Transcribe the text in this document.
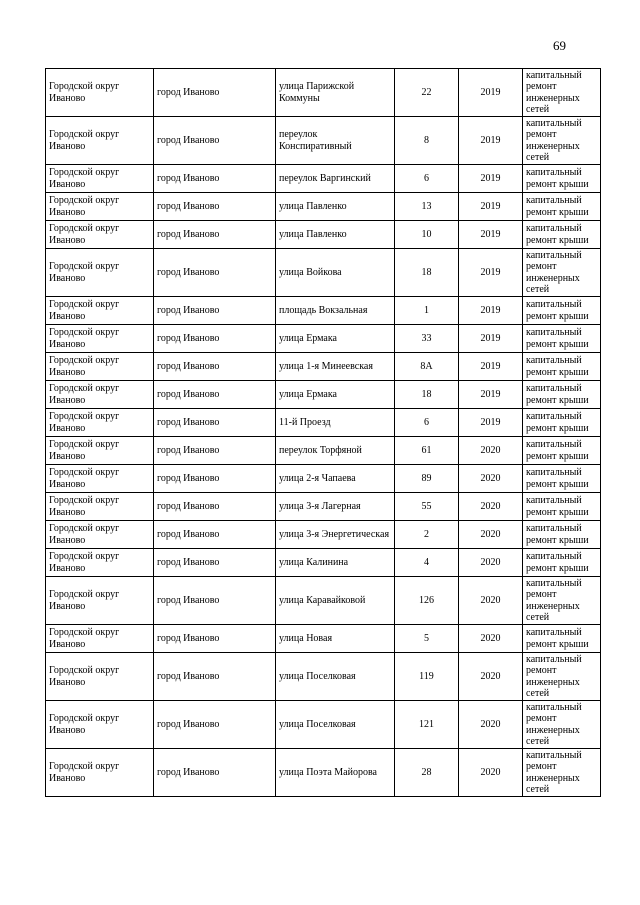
69
Городской округ Иваново	город Иваново	улица Парижской Коммуны	22	2019	капитальный ремонт инженерных сетей
Городской округ Иваново	город Иваново	переулок Конспиративный	8	2019	капитальный ремонт инженерных сетей
Городской округ Иваново	город Иваново	переулок Варгинский	6	2019	капитальный ремонт крыши
Городской округ Иваново	город Иваново	улица Павленко	13	2019	капитальный ремонт крыши
Городской округ Иваново	город Иваново	улица Павленко	10	2019	капитальный ремонт крыши
Городской округ Иваново	город Иваново	улица Войкова	18	2019	капитальный ремонт инженерных сетей
Городской округ Иваново	город Иваново	площадь Вокзальная	1	2019	капитальный ремонт крыши
Городской округ Иваново	город Иваново	улица Ермака	33	2019	капитальный ремонт крыши
Городской округ Иваново	город Иваново	улица 1-я Минеевская	8А	2019	капитальный ремонт крыши
Городской округ Иваново	город Иваново	улица Ермака	18	2019	капитальный ремонт крыши
Городской округ Иваново	город Иваново	11-й Проезд	6	2019	капитальный ремонт крыши
Городской округ Иваново	город Иваново	переулок Торфяной	61	2020	капитальный ремонт крыши
Городской округ Иваново	город Иваново	улица 2-я Чапаева	89	2020	капитальный ремонт крыши
Городской округ Иваново	город Иваново	улица 3-я Лагерная	55	2020	капитальный ремонт крыши
Городской округ Иваново	город Иваново	улица 3-я Энергетическая	2	2020	капитальный ремонт крыши
Городской округ Иваново	город Иваново	улица Калинина	4	2020	капитальный ремонт крыши
Городской округ Иваново	город Иваново	улица Каравайковой	126	2020	капитальный ремонт инженерных сетей
Городской округ Иваново	город Иваново	улица Новая	5	2020	капитальный ремонт крыши
Городской округ Иваново	город Иваново	улица Поселковая	119	2020	капитальный ремонт инженерных сетей
Городской округ Иваново	город Иваново	улица Поселковая	121	2020	капитальный ремонт инженерных сетей
Городской округ Иваново	город Иваново	улица Поэта Майорова	28	2020	капитальный ремонт инженерных сетей
